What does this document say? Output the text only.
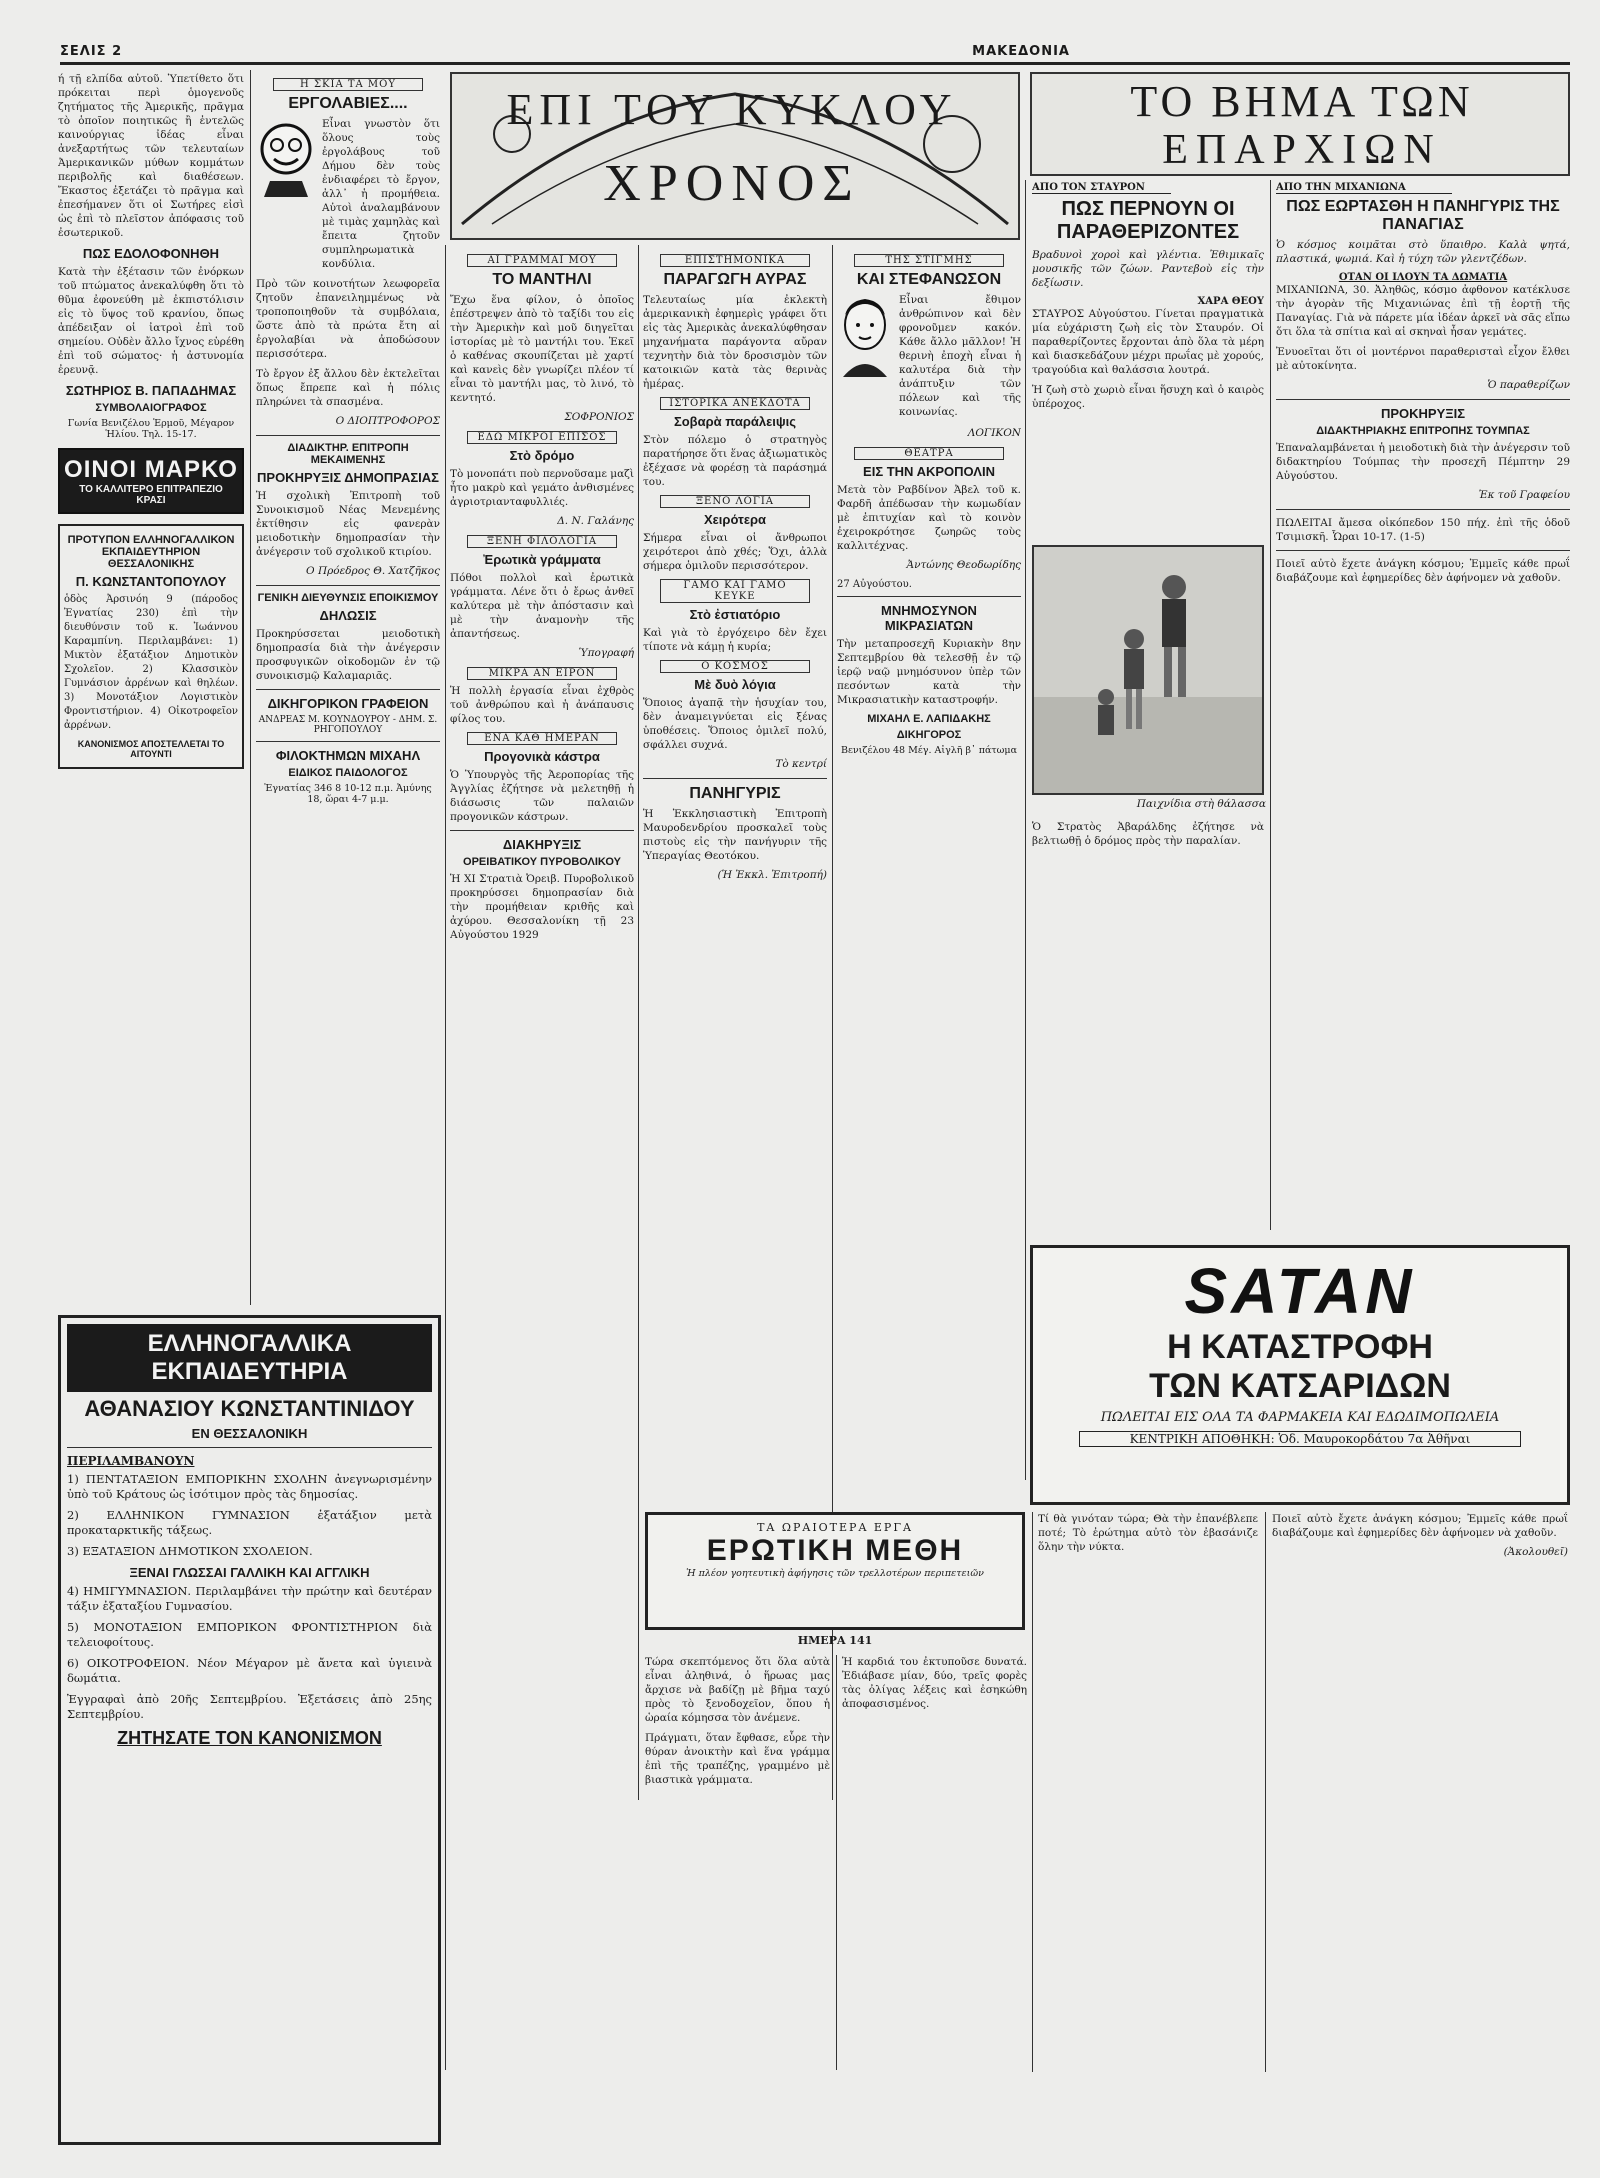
ΣΕΛΙΣ 2	ΜΑΚΕΔΟΝΙΑ

ή τῇ ελπίδα αὐτοῦ. Ὑπετίθετο ὅτι πρόκειται περὶ ὁμογενοῦς ζητήματος τῆς Ἀμερικῆς, πρᾶγμα τὸ ὁποῖον ποιητικῶς ἢ ἐντελῶς καινούργιας ἰδέας εἶναι ἀνεξαρτήτως τῶν τελευταίων Ἀμερικανικῶν μύθων κομμάτων περιβολῆς καὶ διαθέσεων. Ἔκαστος ἐξετάζει τὸ πρᾶγμα καὶ ἐπεσήμανεν ὅτι οἱ Σωτήρες εἰσὶ ὡς ἐπὶ τὸ πλεῖστον ἀπόφασις τοῦ ἐσωτερικοῦ.

ΠΩΣ ΕΔΟΛΟΦΟΝΗΘΗ

Κατὰ τὴν ἐξέτασιν τῶν ἐνόρκων τοῦ πτώματος ἀνεκαλύφθη ὅτι τὸ θῦμα ἐφονεύθη μὲ ἐκπιστόλισιν εἰς τὸ ὕψος τοῦ κρανίου, ὅπως ἀπέδειξαν οἱ ἰατροὶ ἐπὶ τοῦ σημείου. Οὐδὲν ἄλλο ἴχνος εὑρέθη ἐπὶ τοῦ σώματος· ἡ ἀστυνομία ἐρευνᾷ.

ΣΩΤΗΡΙΟΣ Β. ΠΑΠΑΔΗΜΑΣ
ΣΥΜΒΟΛΑΙΟΓΡΑΦΟΣ
Γωνία Βενιζέλου Ἑρμοῦ, Μέγαρον Ἡλίου. Τηλ. 15-17.
ΟΙΝΟΙ ΜΑΡΚΟ
ΤΟ ΚΑΛΛΙΤΕΡΟ ΕΠΙΤΡΑΠΕΖΙΟ ΚΡΑΣΙ
ΠΡΟΤΥΠΟΝ ΕΛΛΗΝΟΓΑΛΛΙΚΟΝ ΕΚΠΑΙΔΕΥΤΗΡΙΟΝ ΘΕΣΣΑΛΟΝΙΚΗΣ
Π. ΚΩΝΣΤΑΝΤΟΠΟΥΛΟΥ

ὁδὸς Ἀρσινόη 9 (πάροδος Ἐγνατίας 230) ἐπὶ τὴν διευθύνσιν τοῦ κ. Ἰωάννου Καραμπίνη. Περιλαμβάνει: 1) Μικτὸν ἐξατάξιον Δημοτικὸν Σχολεῖον. 2) Κλασσικὸν Γυμνάσιον ἀρρένων καὶ θηλέων. 3) Μονοτάξιον Λογιστικὸν Φροντιστήριον. 4) Οἰκοτροφεῖον ἀρρένων.

ΚΑΝΟΝΙΣΜΟΣ ΑΠΟΣΤΕΛΛΕΤΑΙ ΤΟ ΑΙΤΟΥΝΤΙ
Η ΣΚΙΑ ΤΑ ΜΟΥ
ΕΡΓΟΛΑΒΙΕΣ....

Εἶναι γνωστὸν ὅτι ὅλους τοὺς ἐργολάβους τοῦ Δήμου δὲν τοὺς ἐνδιαφέρει τὸ ἔργον, ἀλλ᾽ ἡ προμήθεια. Αὐτοὶ ἀναλαμβάνουν μὲ τιμὰς χαμηλὰς καὶ ἔπειτα ζητοῦν συμπληρωματικὰ κονδύλια.

Πρὸ τῶν κοινοτήτων λεωφορεῖα ζητοῦν ἐπανειλημμένως νὰ τροποποιηθοῦν τὰ συμβόλαια, ὥστε ἀπὸ τὰ πρώτα ἔτη αἱ ἐργολαβίαι νὰ ἀποδώσουν περισσότερα.

Τὸ ἔργον ἐξ ἄλλου δὲν ἐκτελεῖται ὅπως ἔπρεπε καὶ ἡ πόλις πληρώνει τὰ σπασμένα.

Ο ΔΙΟΠΤΡΟΦΟΡΟΣ
ΔΙΑΔΙΚΤΗΡ. ΕΠΙΤΡΟΠΗ ΜΕΚΑΙΜΕΝΗΣ
ΠΡΟΚΗΡΥΞΙΣ ΔΗΜΟΠΡΑΣΙΑΣ

Ἡ σχολικὴ Ἐπιτροπὴ τοῦ Συνοικισμοῦ Νέας Μενεμένης ἐκτίθησιν εἰς φανερὰν μειοδοτικὴν δημοπρασίαν τὴν ἀνέγερσιν τοῦ σχολικοῦ κτιρίου.

Ο Πρόεδρος Θ. Χατζῆκος
ΓΕΝΙΚΗ ΔΙΕΥΘΥΝΣΙΣ ΕΠΟΙΚΙΣΜΟΥ
ΔΗΛΩΣΙΣ

Προκηρύσσεται μειοδοτικὴ δημοπρασία διὰ τὴν ἀνέγερσιν προσφυγικῶν οἰκοδομῶν ἐν τῷ συνοικισμῷ Καλαμαριᾶς.

ΔΙΚΗΓΟΡΙΚΟΝ ΓΡΑΦΕΙΟΝ
ΑΝΔΡΕΑΣ Μ. ΚΟΥΝΔΟΥΡΟΥ - ΔΗΜ. Σ. ΡΗΓΟΠΟΥΛΟΥ
ΦΙΛΟΚΤΗΜΩΝ ΜΙΧΑΗΛ
ΕΙΔΙΚΟΣ ΠΑΙΔΟΛΟΓΟΣ
Ἐγνατίας 346 8 10-12 π.μ. Ἀμύνης 18, ὥραι 4-7 μ.μ.
ΕΠΙ ΤΟΥ ΚΥΚΛΟΥ
ΧΡΟΝΟΣ
ΑΙ ΓΡΑΜΜΑΙ ΜΟΥ
ΤΟ ΜΑΝΤΗΛΙ

Ἔχω ἕνα φίλον, ὁ ὁποῖος ἐπέστρεψεν ἀπὸ τὸ ταξίδι του εἰς τὴν Ἀμερικὴν καὶ μοῦ διηγεῖται ἱστορίας μὲ τὸ μαντήλι του. Ἐκεῖ ὁ καθένας σκουπίζεται μὲ χαρτί καὶ κανεὶς δὲν γνωρίζει πλέον τί εἶναι τὸ μαντήλι μας, τὸ λινό, τὸ κεντητό.

ΣΟΦΡΟΝΙΟΣ
ΕΔΩ ΜΙΚΡΟΙ ΕΠΙΣΟΣ
Στὸ δρόμο

Τὸ μονοπάτι ποὺ περνοῦσαμε μαζὶ ἦτο μακρὺ καὶ γεμάτο ἀνθισμένες ἀγριοτριανταφυλλιές.

Δ. Ν. Γαλάνης
ΞΕΝΗ ΦΙΛΟΛΟΓΙΑ
Ἐρωτικὰ γράμματα

Πόθοι πολλοὶ καὶ ἐρωτικὰ γράμματα. Λένε ὅτι ὁ ἔρως ἀνθεῖ καλύτερα μὲ τὴν ἀπόστασιν καὶ μὲ τὴν ἀναμονὴν τῆς ἀπαντήσεως.

Ὑπογραφή
ΜΙΚΡΑ ΑΝ ΕΙΡΟΝ

Ἡ πολλὴ ἐργασία εἶναι ἐχθρὸς τοῦ ἀνθρώπου καὶ ἡ ἀνάπαυσις φίλος του.

ΕΝΑ ΚΑΘ ΗΜΕΡΑΝ
Προγονικὰ κάστρα

Ὁ Ὑπουργὸς τῆς Ἀεροπορίας τῆς Ἀγγλίας ἐζήτησε νὰ μελετηθῇ ἡ διάσωσις τῶν παλαιῶν προγονικῶν κάστρων.

ΔΙΑΚΗΡΥΞΙΣ
ΟΡΕΙΒΑΤΙΚΟΥ ΠΥΡΟΒΟΛΙΚΟΥ

Ἡ ΧΙ Στρατιὰ Ὀρειβ. Πυροβολικοῦ προκηρύσσει δημοπρασίαν διὰ τὴν προμήθειαν κριθῆς καὶ ἀχύρου. Θεσσαλονίκη τῇ 23 Αὐγούστου 1929

ΕΠΙΣΤΗΜΟΝΙΚΑ
ΠΑΡΑΓΩΓΗ ΑΥΡΑΣ

Τελευταίως μία ἐκλεκτὴ ἀμερικανικὴ ἐφημερὶς γράφει ὅτι εἰς τὰς Ἀμερικὰς ἀνεκαλύφθησαν μηχανήματα παράγοντα αὔραν τεχνητὴν διὰ τὸν δροσισμὸν τῶν κατοικιῶν κατὰ τὰς θερινὰς ἡμέρας.

ΙΣΤΟΡΙΚΑ ΑΝΕΚΔΟΤΑ
Σοβαρὰ παράλειψις

Στὸν πόλεμο ὁ στρατηγὸς παρατήρησε ὅτι ἕνας ἀξιωματικὸς ἐξέχασε νὰ φορέσῃ τὰ παράσημά του.

ΞΕΝΟ ΛΟΓΙΑ
Χειρότερα

Σήμερα εἶναι οἱ ἄνθρωποι χειρότεροι ἀπὸ χθές; Ὅχι, ἀλλὰ σήμερα ὁμιλοῦν περισσότερον.

ΓΑΜΟ ΚΑΙ ΓΑΜΟ ΚΕΥΚΕ
Στὸ ἐστιατόριο

Καὶ γιὰ τὸ ἐργόχειρο δὲν ἔχει τίποτε νὰ κάμῃ ἡ κυρία;

Ο ΚΟΣΜΟΣ
Μὲ δυὸ λόγια

Ὅποιος ἀγαπᾷ τὴν ἡσυχίαν του, δὲν ἀναμειγνύεται εἰς ξένας ὑποθέσεις. Ὅποιος ὁμιλεῖ πολύ, σφάλλει συχνά.

Τὸ κεντρί
ΠΑΝΗΓΥΡΙΣ

Ἡ Ἐκκλησιαστικὴ Ἐπιτροπὴ Μαυροδενδρίου προσκαλεῖ τοὺς πιστοὺς εἰς τὴν πανήγυριν τῆς Ὑπεραγίας Θεοτόκου.

(Ἡ Ἐκκλ. Ἐπιτροπή)
ΤΗΣ ΣΤΙΓΜΗΣ
ΚΑΙ ΣΤΕΦΑΝΩΣΟΝ

Εἶναι ἔθιμον ἀνθρώπινον καὶ δὲν φρονοῦμεν κακόν. Κάθε ἄλλο μᾶλλον! Ἡ θερινὴ ἐποχὴ εἶναι ἡ καλυτέρα διὰ τὴν ἀνάπτυξιν τῶν πόλεων καὶ τῆς κοινωνίας.

ΛΟΓΙΚΟΝ
ΘΕΑΤΡΑ
ΕΙΣ ΤΗΝ ΑΚΡΟΠΟΛΙΝ

Μετὰ τὸν Ραβδίνον Ἀβελ τοῦ κ. Φαρδῆ ἀπέδωσαν τὴν κωμωδίαν μὲ ἐπιτυχίαν καὶ τὸ κοινὸν ἐχειροκρότησε ζωηρῶς τοὺς καλλιτέχνας.

Ἀντώνης Θεοδωρίδης
27 Αὐγούστου.
ΜΝΗΜΟΣΥΝΟΝ ΜΙΚΡΑΣΙΑΤΩΝ

Τὴν μεταπροσεχῆ Κυριακὴν 8ην Σεπτεμβρίου θὰ τελεσθῇ ἐν τῷ ἱερῷ ναῷ μνημόσυνον ὑπὲρ τῶν πεσόντων κατὰ τὴν Μικρασιατικὴν καταστροφήν.

ΜΙΧΑΗΛ Ε. ΛΑΠΙΔΑΚΗΣ
ΔΙΚΗΓΟΡΟΣ
Βενιζέλου 48 Μέγ. Αἰγλῆ β᾽ πάτωμα
Παιχνίδια στὴ θάλασσα
ΤΟ ΒΗΜΑ ΤΩΝ
ΕΠΑΡΧΙΩΝ
ΑΠΟ ΤΟΝ ΣΤΑΥΡΟΝ
ΠΩΣ ΠΕΡΝΟΥΝ ΟΙ ΠΑΡΑΘΕΡΙΖΟΝΤΕΣ

Βραδυνοὶ χοροὶ καὶ γλέντια. Ἐθιμικαῖς μουσικῆς τῶν ζώων. Ραντεβοὺ εἰς τὴν δεξίωσιν.

ΧΑΡΑ ΘΕΟΥ

ΣΤΑΥΡΟΣ Αὐγούστου. Γίνεται πραγματικὰ μία εὐχάριστη ζωὴ εἰς τὸν Σταυρόν. Οἱ παραθερίζοντες ἔρχονται ἀπὸ ὅλα τὰ μέρη καὶ διασκεδάζουν μέχρι πρωΐας μὲ χορούς, τραγούδια καὶ θαλάσσια λουτρά.

Ἡ ζωὴ στὸ χωριὸ εἶναι ἥσυχη καὶ ὁ καιρὸς ὑπέροχος.

Ὁ Στρατὸς Ἀβαράλδης ἐζήτησε νὰ βελτιωθῇ ὁ δρόμος πρὸς τὴν παραλίαν.

ΑΠΟ ΤΗΝ ΜΙΧΑΝΙΩΝΑ
ΠΩΣ ΕΩΡΤΑΣΘΗ Η ΠΑΝΗΓΥΡΙΣ ΤΗΣ ΠΑΝΑΓΙΑΣ

Ὁ κόσμος κοιμᾶται στὸ ὕπαιθρο. Καλὰ ψητά, πλαστικά, ψωμιά. Καὶ ἡ τύχη τῶν γλεντζέδων.

ΟΤΑΝ ΟΙ ΙΛΟΥΝ ΤΑ ΔΩΜΑΤΙΑ

ΜΙΧΑΝΙΩΝΑ, 30. Ἀληθῶς, κόσμο ἀφθονον κατέκλυσε τὴν ἀγορὰν τῆς Μιχανιώνας ἐπὶ τῇ ἑορτῇ τῆς Παναγίας. Γιὰ νὰ πάρετε μία ἰδέαν ἀρκεῖ νὰ σᾶς εἴπω ὅτι ὅλα τὰ σπίτια καὶ αἱ σκηναὶ ἦσαν γεμάτες.

Ἐνυοεῖται ὅτι οἱ μοντέρνοι παραθερισταὶ εἶχον ἔλθει μὲ αὐτοκίνητα.

Ὁ παραθερίζων
ΠΡΟΚΗΡΥΞΙΣ
ΔΙΔΑΚΤΗΡΙΑΚΗΣ ΕΠΙΤΡΟΠΗΣ ΤΟΥΜΠΑΣ

Ἐπαναλαμβάνεται ἡ μειοδοτικὴ διὰ τὴν ἀνέγερσιν τοῦ διδακτηρίου Τούμπας τὴν προσεχῆ Πέμπτην 29 Αὐγούστου.

Ἐκ τοῦ Γραφείου

ΠΩΛΕΙΤΑΙ ἄμεσα οἰκόπεδον 150 πήχ. ἐπὶ τῆς ὁδοῦ Τσιμισκῆ. Ὧραι 10-17. (1-5)

Ποιεῖ αὐτὸ ἔχετε ἀνάγκη κόσμου; Ἐμμεῖς κάθε πρωΐ διαβάζουμε καὶ ἐφημερίδες δὲν ἀφήνομεν νὰ χαθοῦν.

SATAN
Η ΚΑΤΑΣΤΡΟΦΗ
ΤΩΝ ΚΑΤΣΑΡΙΔΩΝ
ΠΩΛΕΙΤΑΙ ΕΙΣ ΟΛΑ ΤΑ ΦΑΡΜΑΚΕΙΑ ΚΑΙ ΕΔΩΔΙΜΟΠΩΛΕΙΑ
ΚΕΝΤΡΙΚΗ ΑΠΟΘΗΚΗ: Ὁδ. Μαυροκορδάτου 7α Ἀθῆναι
ΕΛΛΗΝΟΓΑΛΛΙΚΑ ΕΚΠΑΙΔΕΥΤΗΡΙΑ
ΑΘΑΝΑΣΙΟΥ ΚΩΝΣΤΑΝΤΙΝΙΔΟΥ
ΕΝ ΘΕΣΣΑΛΟΝΙΚΗ
ΠΕΡΙΛΑΜΒΑΝΟΥΝ

1) ΠΕΝΤΑΤΑΞΙΟΝ ΕΜΠΟΡΙΚΗΝ ΣΧΟΛΗΝ ἀνεγνωρισμένην ὑπὸ τοῦ Κράτους ὡς ἰσότιμον πρὸς τὰς δημοσίας.

2) ΕΛΛΗΝΙΚΟΝ ΓΥΜΝΑΣΙΟΝ ἑξατάξιον μετὰ προκαταρκτικῆς τάξεως.

3) ΕΞΑΤΑΞΙΟΝ ΔΗΜΟΤΙΚΟΝ ΣΧΟΛΕΙΟΝ.

ΞΕΝΑΙ ΓΛΩΣΣΑΙ ΓΑΛΛΙΚΗ ΚΑΙ ΑΓΓΛΙΚΗ

4) ΗΜΙΓΥΜΝΑΣΙΟΝ. Περιλαμβάνει τὴν πρώτην καὶ δευτέραν τάξιν ἐξαταξίου Γυμνασίου.

5) ΜΟΝΟΤΑΞΙΟΝ ΕΜΠΟΡΙΚΟΝ ΦΡΟΝΤΙΣΤΗΡΙΟΝ διὰ τελειοφοίτους.

6) ΟΙΚΟΤΡΟΦΕΙΟΝ. Νέον Μέγαρον μὲ ἄνετα καὶ ὑγιεινὰ δωμάτια.

Ἐγγραφαὶ ἀπὸ 20ῆς Σεπτεμβρίου. Ἐξετάσεις ἀπὸ 25ης Σεπτεμβρίου.

ΖΗΤΗΣΑΤΕ ΤΟΝ ΚΑΝΟΝΙΣΜΟΝ
ΤΑ ΩΡΑΙΟΤΕΡΑ ΕΡΓΑ
ΕΡΩΤΙΚΗ ΜΕΘΗ
Ἡ πλέον γοητευτικὴ ἀφήγησις τῶν τρελλοτέρων περιπετειῶν
ΗΜΕΡΑ 141

Τώρα σκεπτόμενος ὅτι ὅλα αὐτὰ εἶναι ἀληθινά, ὁ ἥρωας μας ἄρχισε νὰ βαδίζῃ μὲ βῆμα ταχύ πρὸς τὸ ξενοδοχεῖον, ὅπου ἡ ὡραία κόμησσα τὸν ἀνέμενε.

Πράγματι, ὅταν ἔφθασε, εὗρε τὴν θύραν ἀνοικτὴν καὶ ἕνα γράμμα ἐπὶ τῆς τραπέζης, γραμμένο μὲ βιαστικὰ γράμματα.

Ἡ καρδιά του ἐκτυποῦσε δυνατά. Ἐδιάβασε μίαν, δύο, τρεῖς φορὲς τὰς ὀλίγας λέξεις καὶ ἐσηκώθη ἀποφασισμένος.

Τί θὰ γινόταν τώρα; Θὰ τὴν ἐπανέβλεπε ποτέ; Τὸ ἐρώτημα αὐτὸ τὸν ἐβασάνιζε ὅλην τὴν νύκτα.

Ποιεῖ αὐτὸ ἔχετε ἀνάγκη κόσμου; Ἐμμεῖς κάθε πρωΐ διαβάζουμε καὶ ἐφημερίδες δὲν ἀφήνομεν νὰ χαθοῦν.

(Ἀκολουθεῖ)
